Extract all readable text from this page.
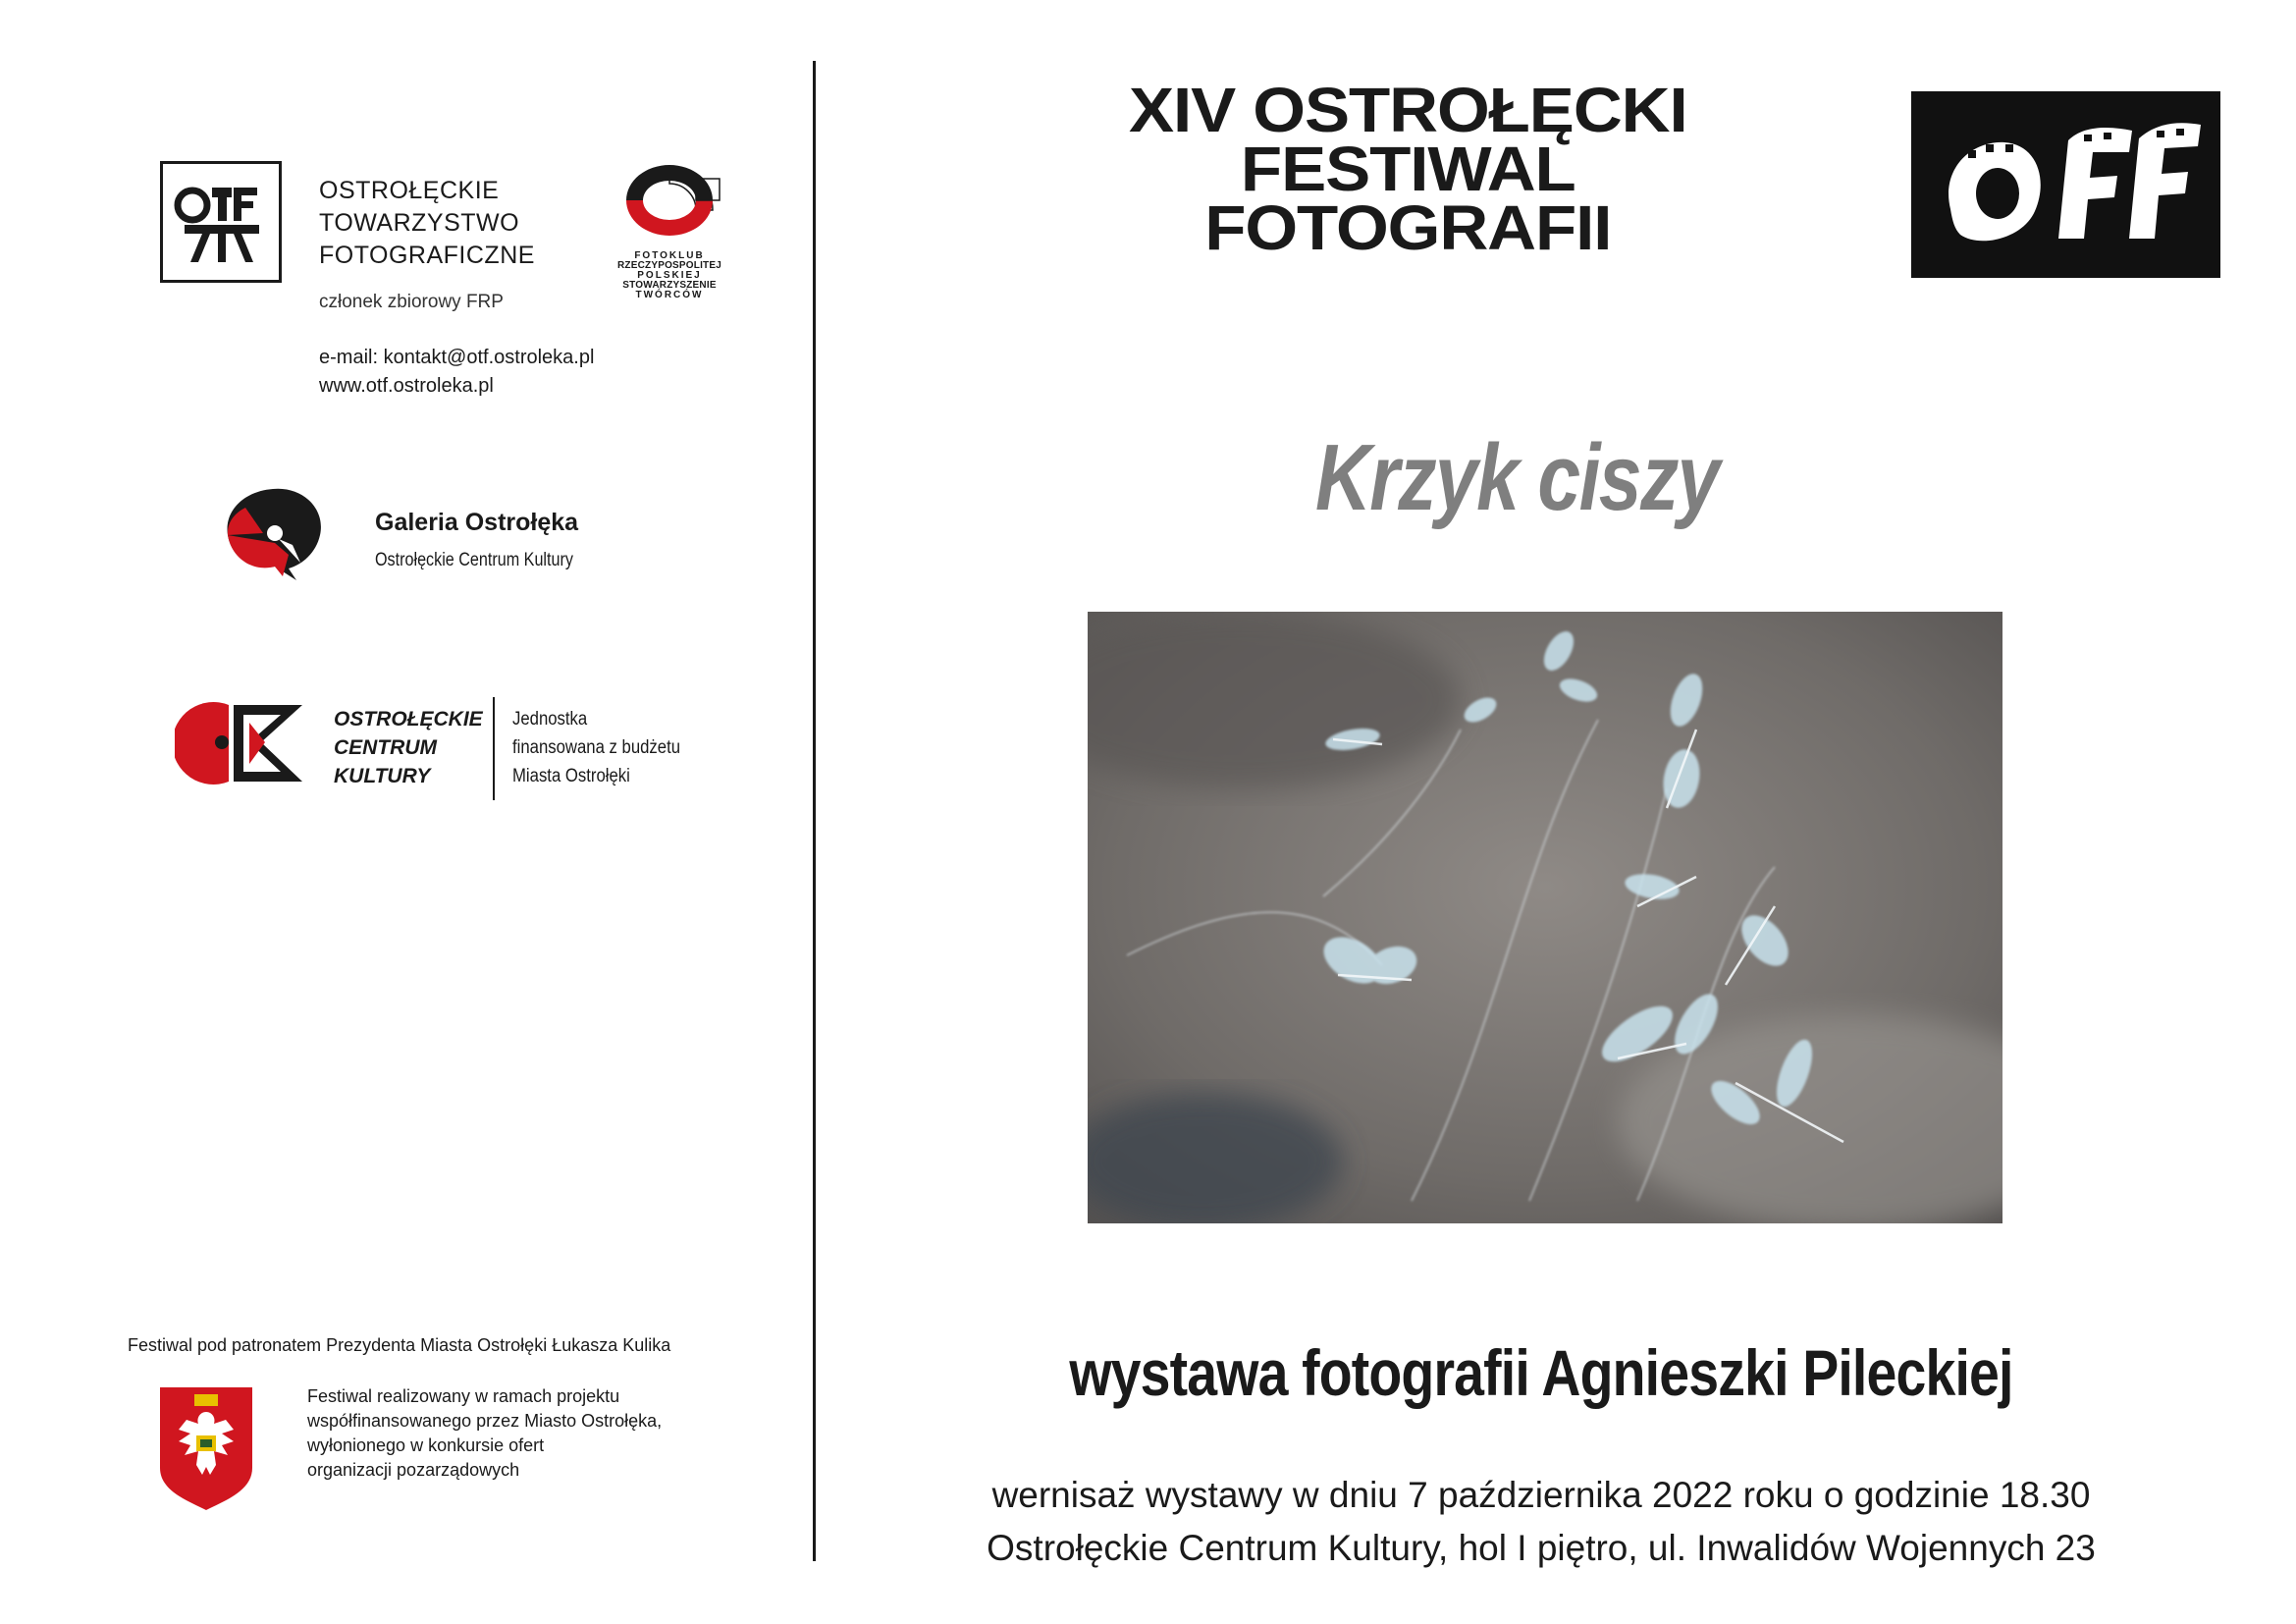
OSTROŁĘCKIE
TOWARZYSTWO
FOTOGRAFICZNE
członek zbiorowy FRP
e-mail: kontakt@otf.ostroleka.pl
www.otf.ostroleka.pl
FOTOKLUB
RZECZYPOSPOLITEJ
POLSKIEJ
STOWARZYSZENIE
TWÓRCÓW
Galeria Ostrołęka
Ostrołęckie Centrum Kultury
OSTROŁĘCKIE
CENTRUM
KULTURY
Jednostka
finansowana z budżetu
Miasta Ostrołęki
Festiwal pod patronatem Prezydenta Miasta Ostrołęki Łukasza Kulika
Festiwal realizowany w ramach projektu
współfinansowanego przez Miasto Ostrołęka,
wyłonionego w konkursie ofert
organizacji pozarządowych
XIV OSTROŁĘCKI
FESTIWAL
FOTOGRAFII
Krzyk ciszy
wystawa fotografii Agnieszki Pileckiej
wernisaż wystawy w dniu 7 października 2022 roku o godzinie 18.30
Ostrołęckie Centrum Kultury, hol I piętro, ul. Inwalidów Wojennych 23
